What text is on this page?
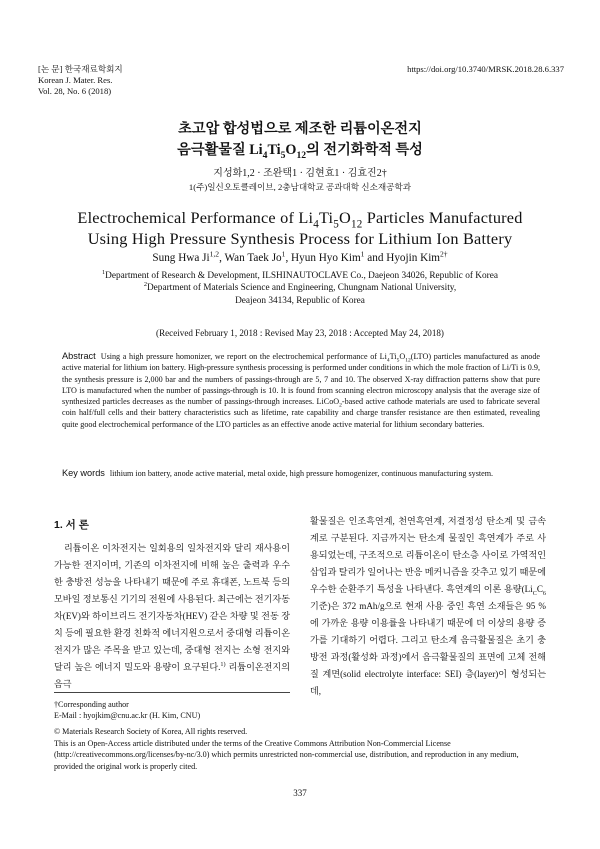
[논 문] 한국재료학회지
Korean J. Mater. Res.
Vol. 28, No. 6 (2018)
https://doi.org/10.3740/MRSK.2018.28.6.337
초고압 합성법으로 제조한 리튬이온전지
음극활물질 $Li_4Ti_5O_{12}$의 전기화학적 특성
지성화1,2 · 조완택1 · 김현효1 · 김효진2†
1(주)일신오토클레이브, 2충남대학교 공과대학 신소재공학과
Electrochemical Performance of $Li_4Ti_5O_{12}$ Particles Manufactured
Using High Pressure Synthesis Process for Lithium Ion Battery
Sung Hwa Ji$^{1,2}$, Wan Taek Jo$^1$, Hyun Hyo Kim$^1$ and Hyojin Kim$^{2\dagger}$
$^1$Department of Research & Development, ILSHINAUTOCLAVE Co., Daejeon 34026, Republic of Korea
$^2$Department of Materials Science and Engineering, Chungnam National University,
Deajeon 34134, Republic of Korea
(Received February 1, 2018 : Revised May 23, 2018 : Accepted May 24, 2018)
Abstract Using a high pressure homonizer, we report on the electrochemical performance of $Li_4Ti_5O_{12}(LTO)$ particles manufactured as anode active material for lithium ion battery. High-pressure synthesis processing is performed under conditions in which the mole fraction of Li/Ti is 0.9, the synthesis pressure is 2,000 bar and the numbers of passings-through are 5, 7 and 10. The observed X-ray diffraction patterns show that pure LTO is manufactured when the number of passings-through is 10. It is found from scanning electron microscopy analysis that the average size of synthesized particles decreases as the number of passings-through increases. LiCoO$_2$-based active cathode materials are used to fabricate several coin half/full cells and their battery characteristics such as lifetime, rate capability and charge transfer resistance are then estimated, revealing quite good electrochemical performance of the LTO particles as an effective anode active material for lithium secondary batteries.
Key words lithium ion battery, anode active material, metal oxide, high pressure homogenizer, continuous manufacturing system.
1. 서 론

리튬이온 이차전지는 일회용의 일차전지와 달리 재사용이 가능한 전지이며, 기존의 이차전지에 비해 높은 출력과 우수한 충방전 성능을 나타내기 때문에 주로 휴대폰, 노트북 등의 모바일 정보통신 기기의 전원에 사용된다. 최근에는 전기자동차(EV)와 하이브리드 전기자동차(HEV) 같은 차량 및 전동 장치 등에 필요한 환경 친화적 에너지원으로서 중대형 리튬이온전지가 많은 주목을 받고 있는데, 중대형 전지는 소형 전지와 달리 높은 에너지 밀도와 용량이 요구된다.$^{1)}$ 리튬이온전지의 음극

활물질은 인조흑연계, 천연흑연계, 저결정성 탄소계 및 금속계로 구분된다. 지금까지는 탄소계 물질인 흑연계가 주로 사용되었는데, 구조적으로 리튬이온이 탄소층 사이로 가역적인 삽입과 탈리가 일어나는 반응 메커니즘을 갖추고 있기 때문에 우수한 순환주기 특성을 나타낸다. 흑연계의 이론 용량($Li_CC_6$ 기준)은 372 mAh/g으로 현재 사용 중인 흑연 소재들은 95 %에 가까운 용량 이용률을 나타내기 때문에 더 이상의 용량 증가를 기대하기 어렵다. 그리고 탄소계 음극활물질은 초기 충방전 과정(활성화 과정)에서 음극활물질의 표면에 고체 전해질 계면(solid electrolyte interface: SEI) 층(layer)이 형성되는데,

†Corresponding author
E-Mail : hyojkim@cnu.ac.kr (H. Kim, CNU)
© Materials Research Society of Korea, All rights reserved.
This is an Open-Access article distributed under the terms of the Creative Commons Attribution Non-Commercial License (http://creativecommons.org/licenses/by-nc/3.0) which permits unrestricted non-commercial use, distribution, and reproduction in any medium, provided the original work is properly cited.
337
